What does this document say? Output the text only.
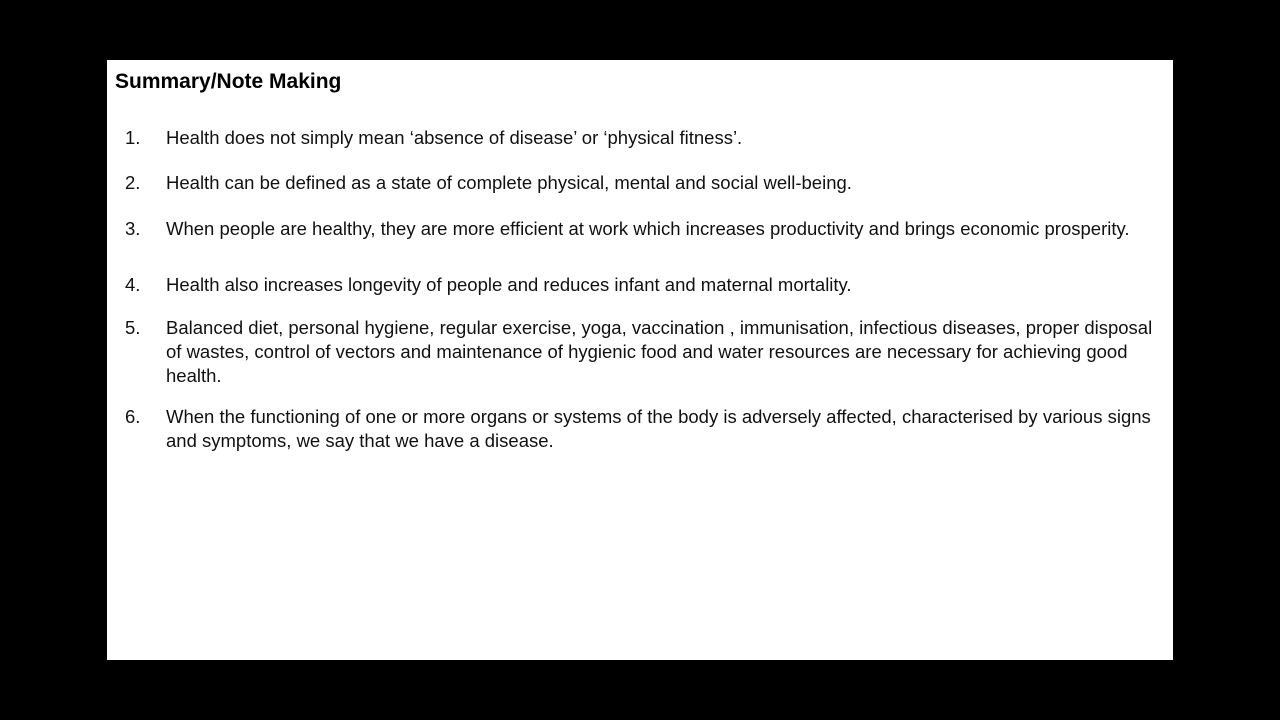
Summary/Note Making
1. Health does not simply mean ‘absence of disease’ or ‘physical fitness’.
2. Health can be defined as a state of complete physical, mental and social well-being.
3. When people are healthy, they are more efficient at work which increases productivity and brings economic prosperity.
4. Health also increases longevity of people and reduces infant and maternal mortality.
5. Balanced diet, personal hygiene, regular exercise, yoga, vaccination , immunisation, infectious diseases, proper disposal of wastes, control of vectors and maintenance of hygienic food and water resources are necessary for achieving good health.
6. When the functioning of one or more organs or systems of the body is adversely affected, characterised by various signs and symptoms, we say that we have a disease.
